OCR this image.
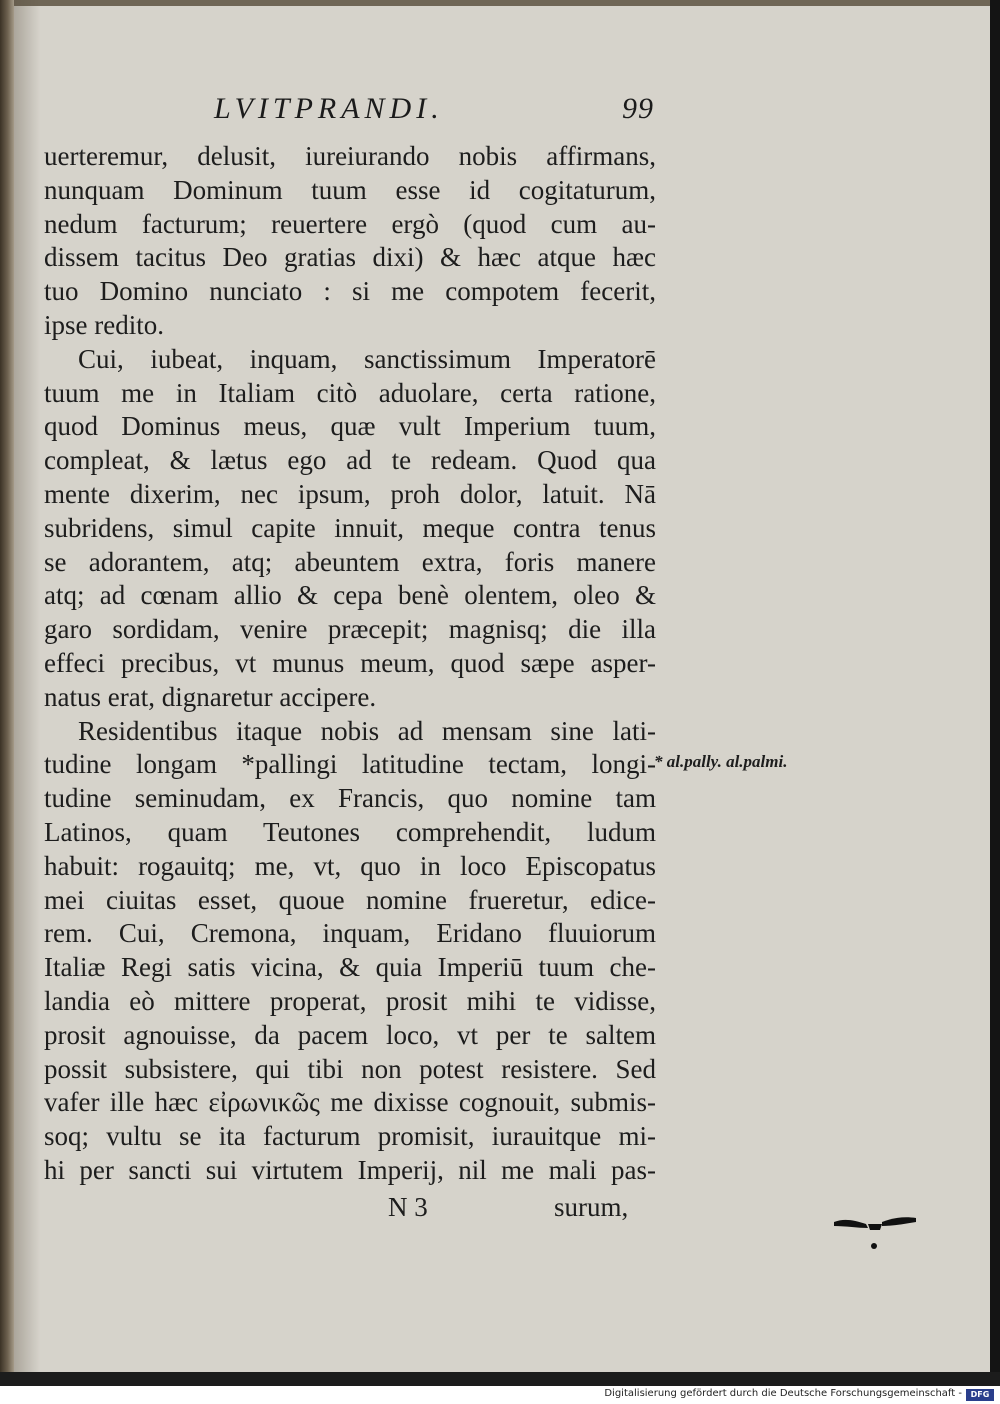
LVITPRANDI.	99
uerteremur, delusit, iureiurando nobis affirmans,
nunquam Dominum tuum esse id cogitaturum,
nedum facturum; reuertere ergò (quod cum au-
dissem tacitus Deo gratias dixi) & hæc atque hæc
tuo Domino nunciato : si me compotem fecerit,
ipse redito.
Cui, iubeat, inquam, sanctissimum Imperatorē
tuum me in Italiam citò aduolare, certa ratione,
quod Dominus meus, quæ vult Imperium tuum,
compleat, & lætus ego ad te redeam. Quod qua
mente dixerim, nec ipsum, proh dolor, latuit. Nā
subridens, simul capite innuit, meque contra tenus
se adorantem, atq; abeuntem extra, foris manere
atq; ad cœnam allio & cepa benè olentem, oleo &
garo sordidam, venire præcepit; magnisq; die illa
effeci precibus, vt munus meum, quod sæpe asper-
natus erat, dignaretur accipere.
Residentibus itaque nobis ad mensam sine lati-
tudine longam *pallingi latitudine tectam, longi-
tudine seminudam, ex Francis, quo nomine tam
Latinos, quam Teutones comprehendit, ludum
habuit: rogauitq; me, vt, quo in loco Episcopatus
mei ciuitas esset, quoue nomine frueretur, edice-
rem. Cui, Cremona, inquam, Eridano fluuiorum
Italiæ Regi satis vicina, & quia Imperiū tuum che-
landia eò mittere properat, prosit mihi te vidisse,
prosit agnouisse, da pacem loco, vt per te saltem
possit subsistere, qui tibi non potest resistere. Sed
vafer ille hæc εἰρωνικῶς me dixisse cognouit, submis-
soq; vultu se ita facturum promisit, iurauitque mi-
hi per sancti sui virtutem Imperij, nil me mali pas-
* al.pally. al.palmi.
N 3	surum,
Digitalisierung gefördert durch die Deutsche Forschungsgemeinschaft -	DFG
